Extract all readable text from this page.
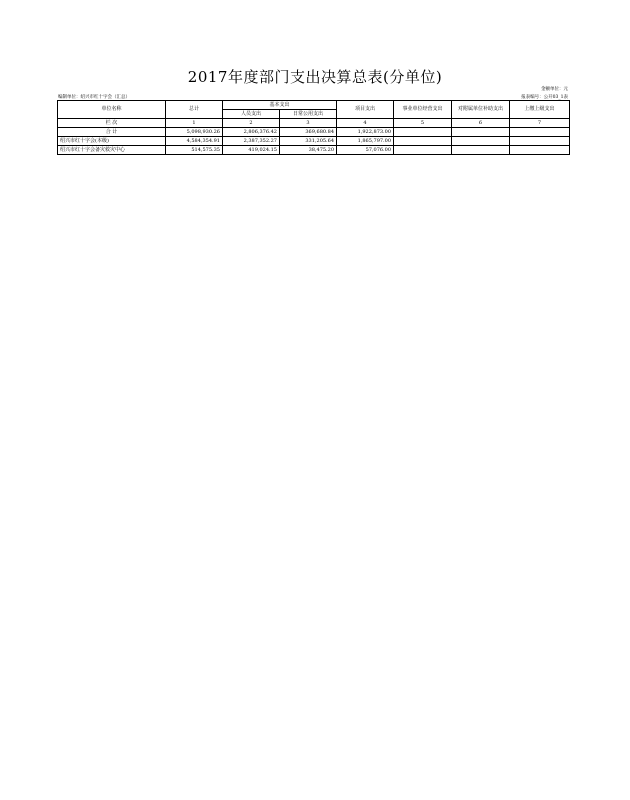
2017年度部门支出决算总表(分单位)
金额单位：元
报表编号：公开03_1表
编制单位：绍兴市红十字会（汇总）
单位名称	总计	基本支出		项目支出	事业单位经营支出	对附属单位补助支出	上缴上级支出
		人员支出	日常公用支出				
栏 次	1	2	3	4	5	6	7
合 计	5,098,930.26	2,806,376.42	369,680.84	1,922,873.00			
绍兴市红十字会(本级)	4,584,354.91	2,387,352.27	331,205.64	1,865,797.00			
绍兴市红十字会备灾救灾中心	514,575.35	419,024.15	38,475.20	57,076.00			
